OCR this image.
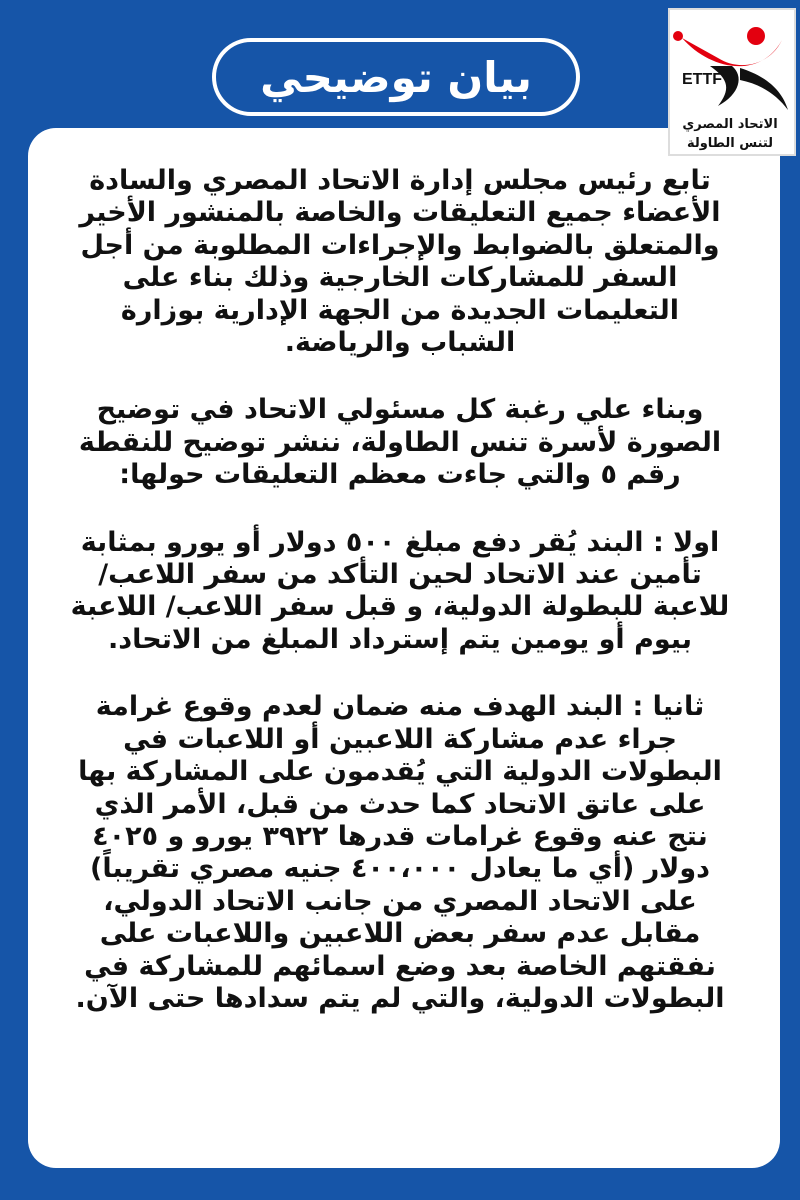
بيان توضيحي	ETTF
الاتحاد المصري
لتنس الطاولة

تابع رئيس مجلس إدارة الاتحاد المصري والسادة الأعضاء جميع التعليقات والخاصة بالمنشور الأخير والمتعلق بالضوابط والإجراءات المطلوبة من أجل السفر للمشاركات الخارجية وذلك بناء على التعليمات الجديدة من الجهة الإدارية بوزارة الشباب والرياضة.

وبناء علي رغبة كل مسئولي الاتحاد في توضيح الصورة لأسرة تنس الطاولة، ننشر توضيح للنقطة رقم ٥ والتي جاءت معظم التعليقات حولها:

اولا : البند يُقر دفع مبلغ ٥٠٠ دولار أو يورو بمثابة تأمين عند الاتحاد لحين التأكد من سفر اللاعب/ للاعبة للبطولة الدولية، و قبل سفر اللاعب/ اللاعبة بيوم أو يومين يتم إسترداد المبلغ من الاتحاد.

ثانيا : البند الهدف منه ضمان لعدم وقوع غرامة جراء عدم مشاركة اللاعبين أو اللاعبات في البطولات الدولية التي يُقدمون على المشاركة بها على عاتق الاتحاد كما حدث من قبل، الأمر الذي نتج عنه وقوع غرامات قدرها ٣٩٢٢ يورو و ٤٠٢٥ دولار (أي ما يعادل ٤٠٠،٠٠٠ جنيه مصري تقريباً) على الاتحاد المصري من جانب الاتحاد الدولي، مقابل عدم سفر بعض اللاعبين واللاعبات على نفقتهم الخاصة بعد وضع اسمائهم للمشاركة في البطولات الدولية، والتي لم يتم سدادها حتى الآن.
